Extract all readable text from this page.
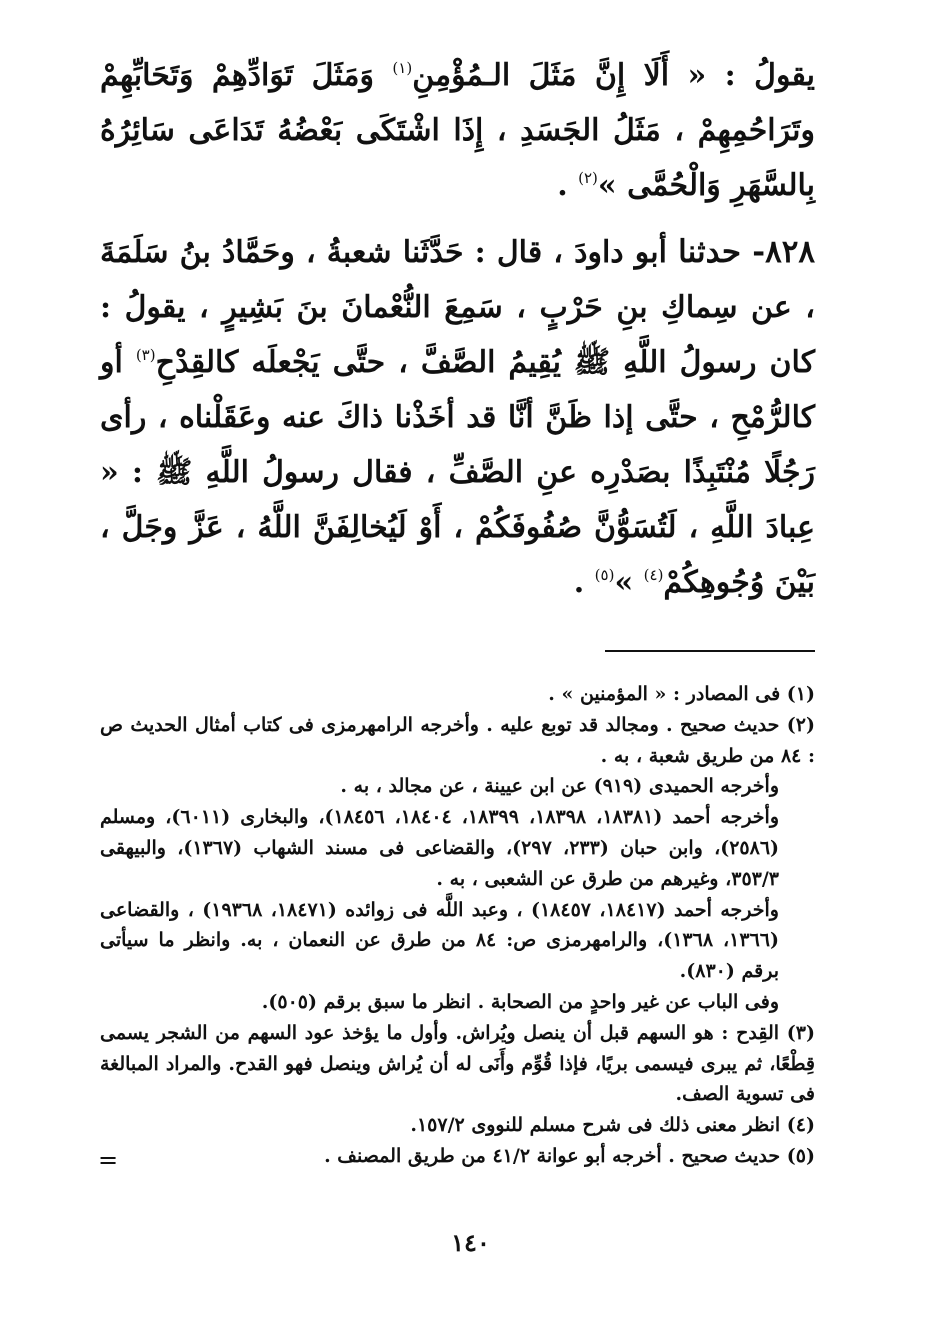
يقولُ : « أَلَا إِنَّ مَثَلَ الـمُؤْمِنِ$^{(١)}$ وَمَثَلَ تَوَادِّهِمْ وَتَحَابِّهِمْ وتَرَاحُمِهِمْ ، مَثَلُ الجَسَدِ ، إِذَا اشْتَكَى بَعْضُهُ تَدَاعَى سَائِرُهُ بِالسَّهَرِ وَالْحُمَّى »$^{(٢)}$ .

٨٢٨- حدثنا أبو داودَ ، قال : حَدَّثَنا شعبةُ ، وحَمَّادُ بنُ سَلَمَةَ ، عن سِماكِ بنِ حَرْبٍ ، سَمِعَ النُّعْمانَ بنَ بَشِيرٍ ، يقولُ : كان رسولُ اللَّهِ ﷺ يُقِيمُ الصَّفَّ ، حتَّى يَجْعلَه كالقِدْحِ$^{(٣)}$ أو كالرُّمْحِ ، حتَّى إذا ظَنَّ أنَّا قد أخَذْنا ذاكَ عنه وعَقَلْناه ، رأى رَجُلًا مُنْتَبِذًا بصَدْرِه عنِ الصَّفِّ ، فقال رسولُ اللَّهِ ﷺ : « عِبادَ اللَّهِ ، لَتُسَوُّنَّ صُفُوفَكُمْ ، أَوْ لَيُخالِفَنَّ اللَّهُ ، عَزَّ وجَلَّ ، بَيْنَ وُجُوهِكُمْ$^{(٤)}$ »$^{(٥)}$ .

(١) فى المصادر : « المؤمنين » .

(٢) حديث صحيح . ومجالد قد توبع عليه . وأخرجه الرامهرمزى فى كتاب أمثال الحديث ص : ٨٤ من طريق شعبة ، به .

وأخرجه الحميدى (٩١٩) عن ابن عيينة ، عن مجالد ، به .

وأخرجه أحمد (١٨٣٨١، ١٨٣٩٨، ١٨٣٩٩، ١٨٤٠٤، ١٨٤٥٦)، والبخارى (٦٠١١)، ومسلم (٢٥٨٦)، وابن حبان (٢٣٣، ٢٩٧)، والقضاعى فى مسند الشهاب (١٣٦٧)، والبيهقى ٣٥٣/٣، وغيرهم من طرق عن الشعبى ، به .

وأخرجه أحمد (١٨٤١٧، ١٨٤٥٧) ، وعبد اللَّه فى زوائده (١٨٤٧١، ١٩٣٦٨) ، والقضاعى (١٣٦٦، ١٣٦٨)، والرامهرمزى ص: ٨٤ من طرق عن النعمان ، به. وانظر ما سيأتى برقم (٨٣٠).

وفى الباب عن غير واحدٍ من الصحابة . انظر ما سبق برقم (٥٠٥).

(٣) القِدح : هو السهم قبل أن ينصل ويُراش. وأول ما يؤخذ عود السهم من الشجر يسمى قِطْعًا، ثم يبرى فيسمى بريًا، فإذا قُوِّم وأَنَى له أن يُراش وينصل فهو القدح. والمراد المبالغة فى تسوية الصف.

(٤) انظر معنى ذلك فى شرح مسلم للنووى ١٥٧/٢.

(٥) حديث صحيح . أخرجه أبو عوانة ٤١/٢ من طريق المصنف .

=
١٤٠
